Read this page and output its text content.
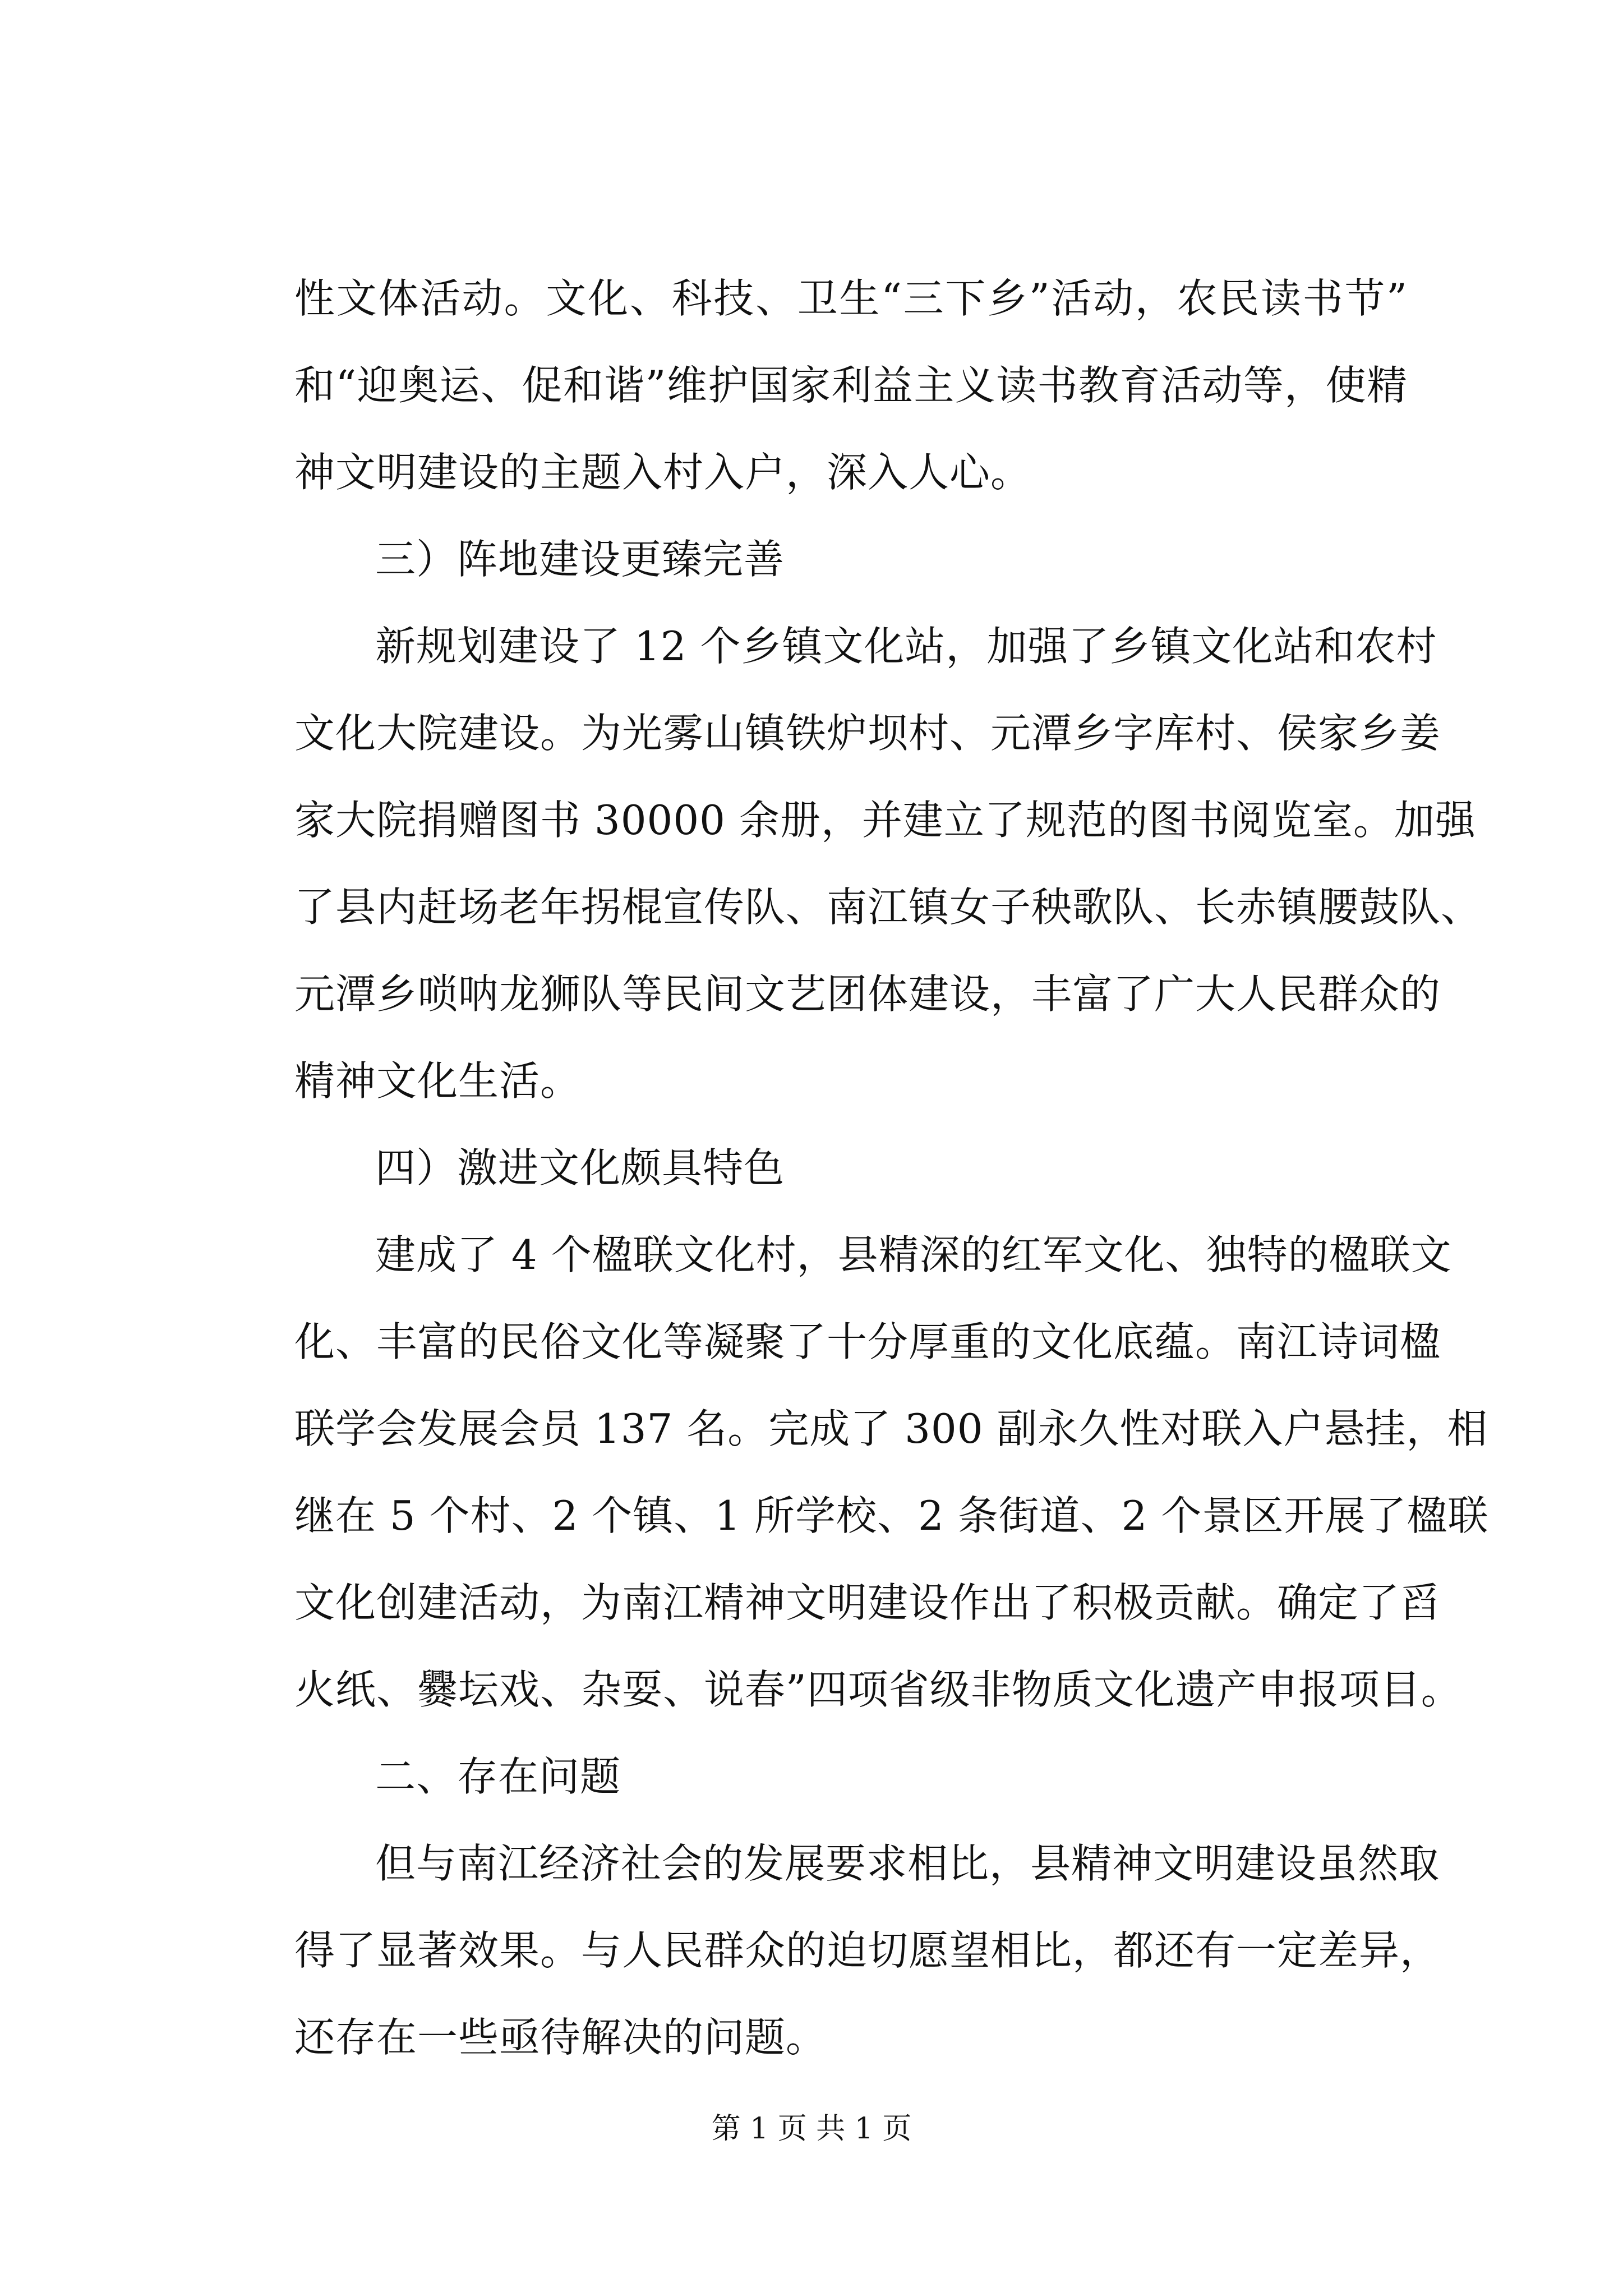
性文体活动。文化、科技、卫生“三下乡”活动，农民读书节”
和“迎奥运、促和谐”维护国家利益主义读书教育活动等，使精
神文明建设的主题入村入户，深入人心。
三）阵地建设更臻完善
新规划建设了 12 个乡镇文化站，加强了乡镇文化站和农村
文化大院建设。为光雾山镇铁炉坝村、元潭乡字库村、侯家乡姜
家大院捐赠图书 30000 余册，并建立了规范的图书阅览室。加强
了县内赶场老年拐棍宣传队、南江镇女子秧歌队、长赤镇腰鼓队、
元潭乡唢呐龙狮队等民间文艺团体建设，丰富了广大人民群众的
精神文化生活。
四）激进文化颇具特色
建成了 4 个楹联文化村，县精深的红军文化、独特的楹联文
化、丰富的民俗文化等凝聚了十分厚重的文化底蕴。南江诗词楹
联学会发展会员 137 名。完成了 300 副永久性对联入户悬挂，相
继在 5 个村、2 个镇、1 所学校、2 条街道、2 个景区开展了楹联
文化创建活动，为南江精神文明建设作出了积极贡献。确定了舀
火纸、爨坛戏、杂耍、说春”四项省级非物质文化遗产申报项目。
二、存在问题
但与南江经济社会的发展要求相比，县精神文明建设虽然取
得了显著效果。与人民群众的迫切愿望相比，都还有一定差异，
还存在一些亟待解决的问题。
第 1 页 共 1 页
